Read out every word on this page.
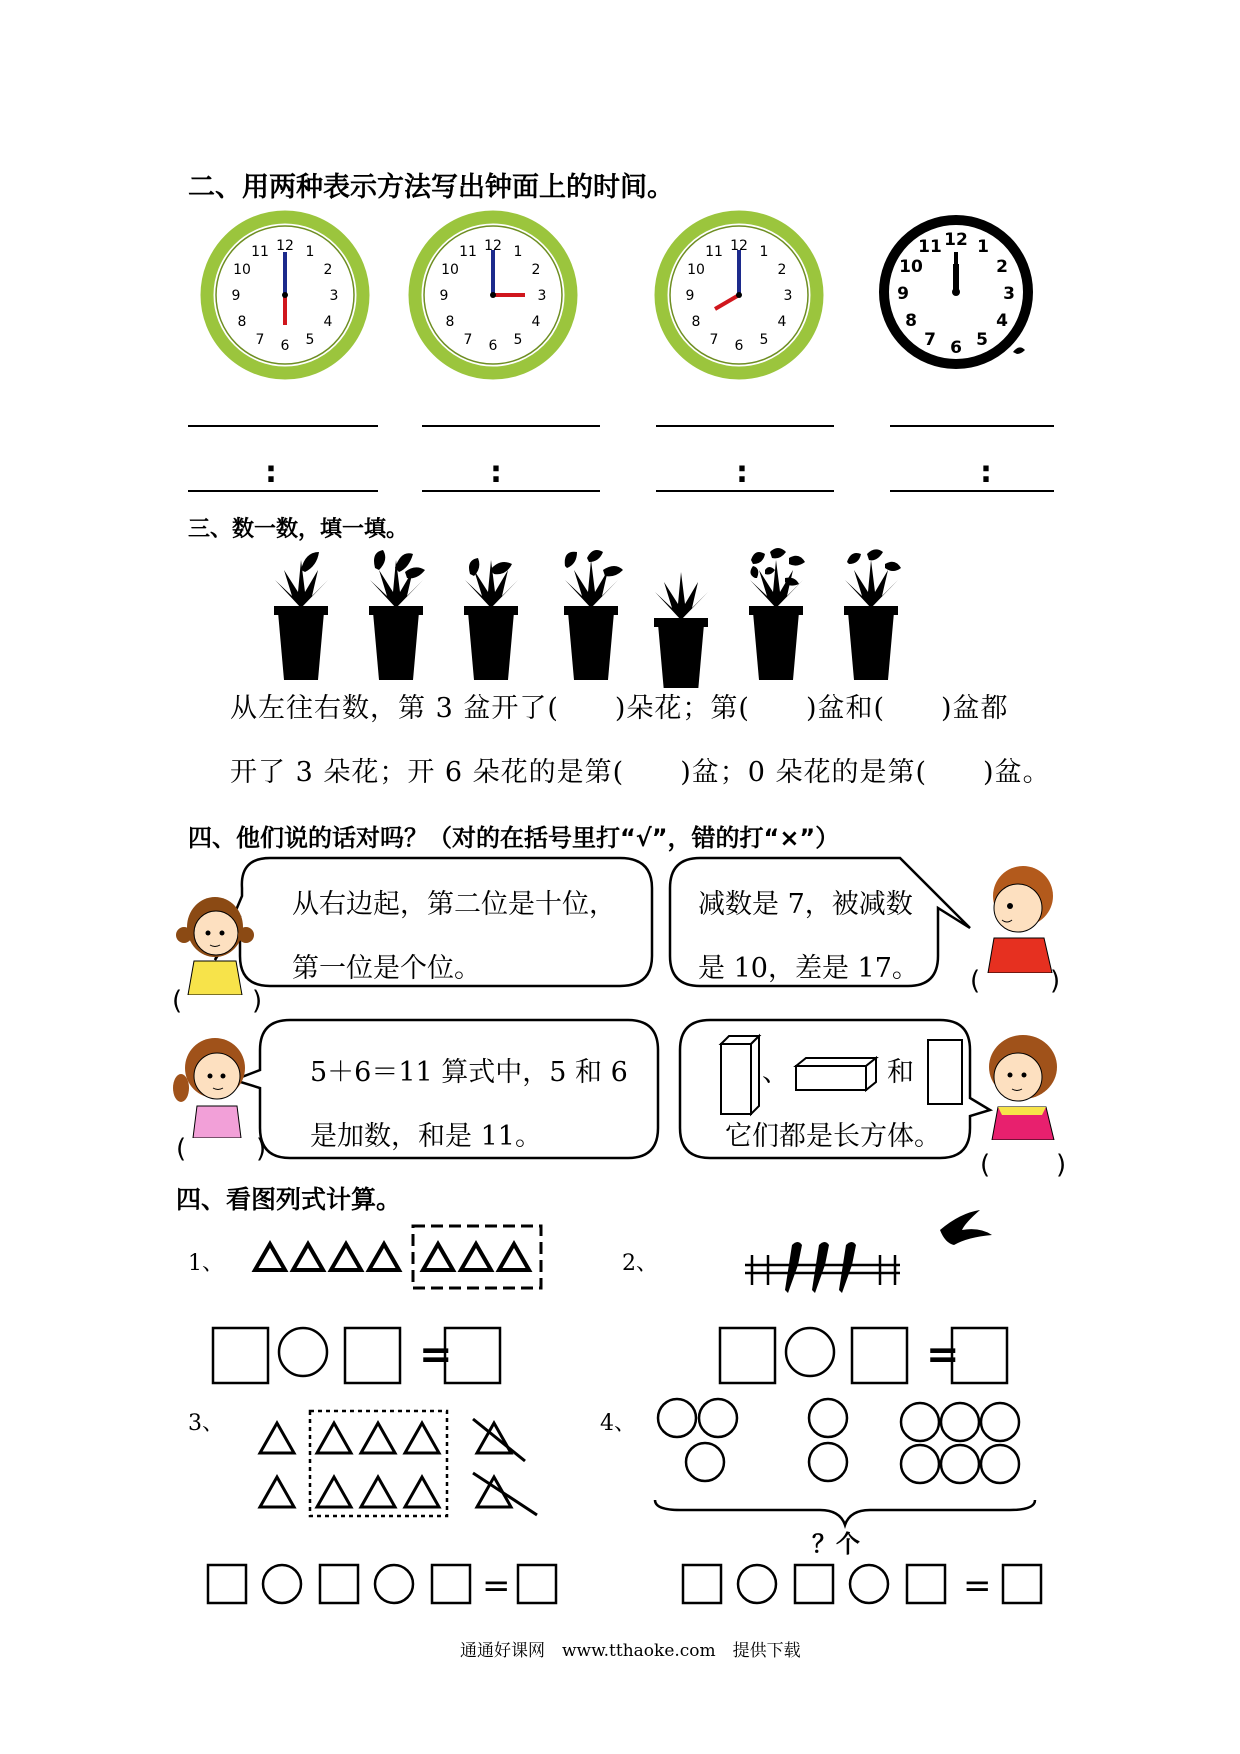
二、用两种表示方法写出钟面上的时间。
12 1
2
3
4
5
6
7
8
9
10
11	12 1
2
3
4
5
6
7
8
9
10
11	12 1
2
3
4
5
6
7
8
9
10
11
12 1
2
3
4
5
6
7
8
9
10
11
:	:	:	:
三、数一数，填一填。
从左往右数，第 3 盆开了(　　)朵花；第(　　)盆和(　　)盆都
开了 3 朵花；开 6 朵花的是第(　　)盆；0 朵花的是第(　　)盆。
四、他们说的话对吗？（对的在括号里打“√”，错的打“×”）
从右边起，第二位是十位，
第一位是个位。
减数是 7，被减数
是 10，差是 17。
5＋6＝11 算式中，5 和 6
是加数，和是 11。
、	和
它们都是长方体。
(	)
(	)
(	)
(	)
四、看图列式计算。
1、	2、
3、	4、
=	=
？个
=	=
通通好课网　www.tthaoke.com　提供下载
